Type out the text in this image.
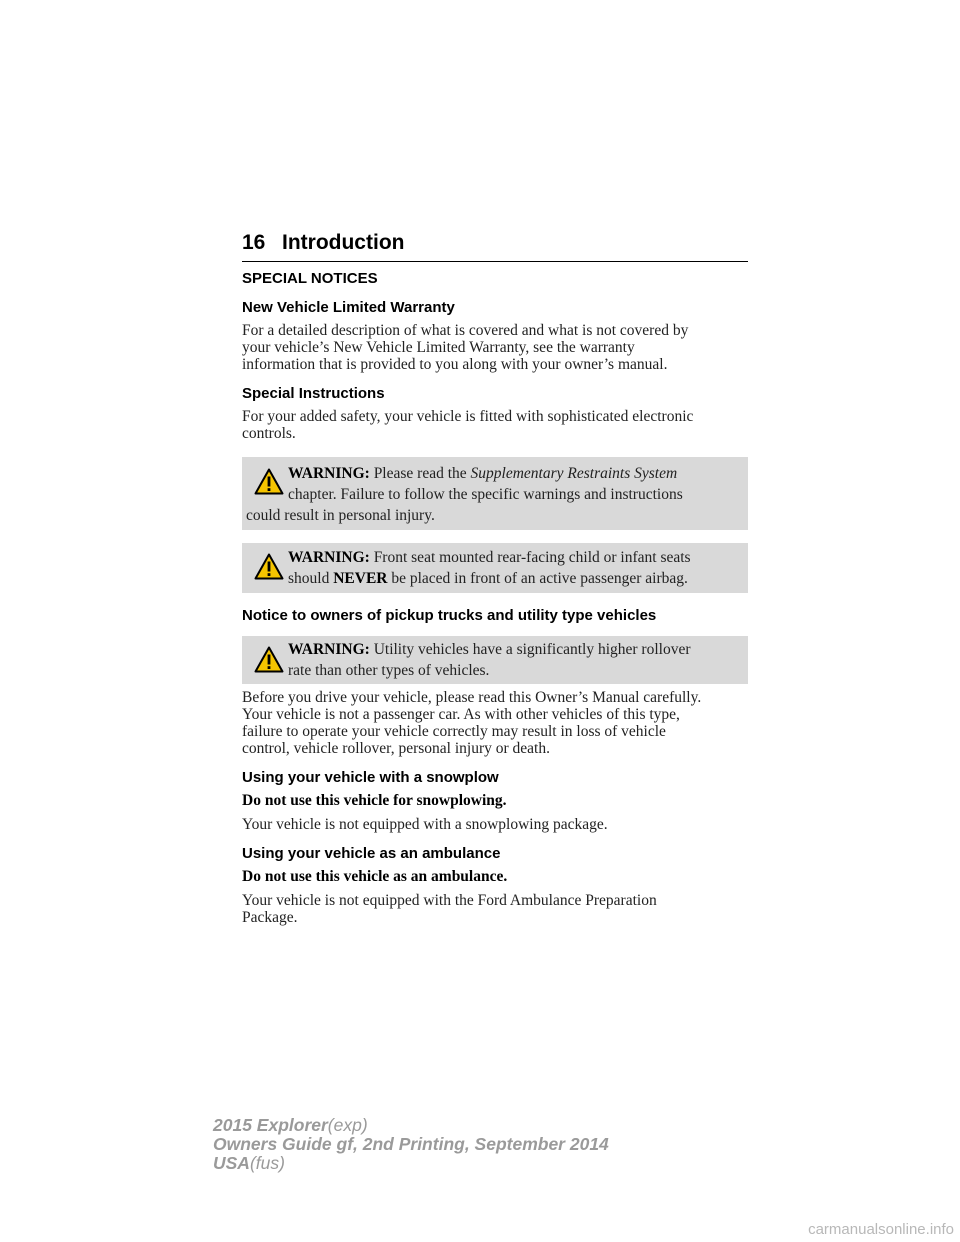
16 Introduction

SPECIAL NOTICES

New Vehicle Limited Warranty

For a detailed description of what is covered and what is not covered by

your vehicle’s New Vehicle Limited Warranty, see the warranty

information that is provided to you along with your owner’s manual.

Special Instructions

For your added safety, your vehicle is fitted with sophisticated electronic

controls.

WARNING: Please read the Supplementary Restraints System
chapter. Failure to follow the specific warnings and instructions
could result in personal injury.
WARNING: Front seat mounted rear-facing child or infant seats
should NEVER be placed in front of an active passenger airbag.

Notice to owners of pickup trucks and utility type vehicles

WARNING: Utility vehicles have a significantly higher rollover
rate than other types of vehicles.

Before you drive your vehicle, please read this Owner’s Manual carefully.

Your vehicle is not a passenger car. As with other vehicles of this type,

failure to operate your vehicle correctly may result in loss of vehicle

control, vehicle rollover, personal injury or death.

Using your vehicle with a snowplow

Do not use this vehicle for snowplowing.

Your vehicle is not equipped with a snowplowing package.

Using your vehicle as an ambulance

Do not use this vehicle as an ambulance.

Your vehicle is not equipped with the Ford Ambulance Preparation

Package.

2015 Explorer(exp)
Owners Guide gf, 2nd Printing, September 2014
USA(fus)
carmanualsonline.info
